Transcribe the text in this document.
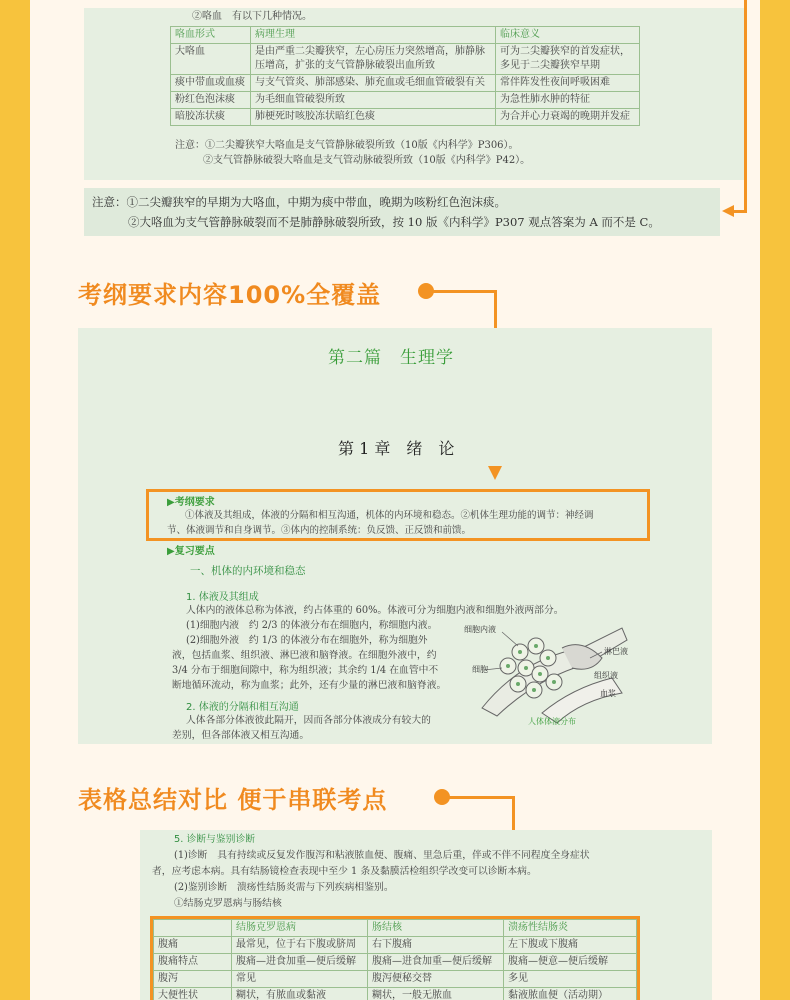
②咯血　有以下几种情况。
咯血形式	病理生理	临床意义
大咯血	是由严重二尖瓣狭窄，左心房压力突然增高，肺静脉压增高，扩张的支气管静脉破裂出血所致	可为二尖瓣狭窄的首发症状，多见于二尖瓣狭窄早期
痰中带血或血痰	与支气管炎、肺部感染、肺充血或毛细血管破裂有关	常伴阵发性夜间呼吸困难
粉红色泡沫痰	为毛细血管破裂所致	为急性肺水肿的特征
暗胶冻状痰	肺梗死时咳胶冻状暗红色痰	为合并心力衰竭的晚期并发症
注意：①二尖瓣狭窄大咯血是支气管静脉破裂所致（10版《内科学》P306）。
②支气管静脉破裂大咯血是支气管动脉破裂所致（10版《内科学》P42）。
注意：①二尖瓣狭窄的早期为大咯血，中期为痰中带血，晚期为咳粉红色泡沫痰。
②大咯血为支气管静脉破裂而不是肺静脉破裂所致，按 10 版《内科学》P307 观点答案为 A 而不是 C。
考纲要求内容100%全覆盖
第二篇　生理学
第 1 章　绪　论
▶考纲要求
①体液及其组成，体液的分隔和相互沟通，机体的内环境和稳态。②机体生理功能的调节：神经调
节、体液调节和自身调节。③体内的控制系统：负反馈、正反馈和前馈。
▶复习要点
一、机体的内环境和稳态
1. 体液及其组成
人体内的液体总称为体液，约占体重的 60%。体液可分为细胞内液和细胞外液两部分。
(1)细胞内液　约 2/3 的体液分布在细胞内，称细胞内液。
(2)细胞外液　约 1/3 的体液分布在细胞外，称为细胞外
液，包括血浆、组织液、淋巴液和脑脊液。在细胞外液中，约
3/4 分布于细胞间隙中，称为组织液；其余约 1/4 在血管中不
断地循环流动，称为血浆；此外，还有少量的淋巴液和脑脊液。
2. 体液的分隔和相互沟通
人体各部分体液彼此隔开，因而各部分体液成分有较大的
差别，但各部体液又相互沟通。
细胞内液
细胞
淋巴液
组织液
血浆
人体体液分布
表格总结对比 便于串联考点
5. 诊断与鉴别诊断
(1)诊断　具有持续或反复发作腹泻和粘液脓血便、腹痛、里急后重，伴或不伴不同程度全身症状
者，应考虑本病。具有结肠镜检查表现中至少 1 条及黏膜活检组织学改变可以诊断本病。
(2)鉴别诊断　溃疡性结肠炎需与下列疾病相鉴别。
①结肠克罗恩病与肠结核
	结肠克罗恩病	肠结核	溃疡性结肠炎
腹痛	最常见，位于右下腹或脐周	右下腹痛	左下腹或下腹痛
腹痛特点	腹痛—进食加重—便后缓解	腹痛—进食加重—便后缓解	腹痛—便意—便后缓解
腹泻	常见	腹泻便秘交替	多见
大便性状	糊状，有脓血或黏液	糊状，一般无脓血	黏液脓血便（活动期）
